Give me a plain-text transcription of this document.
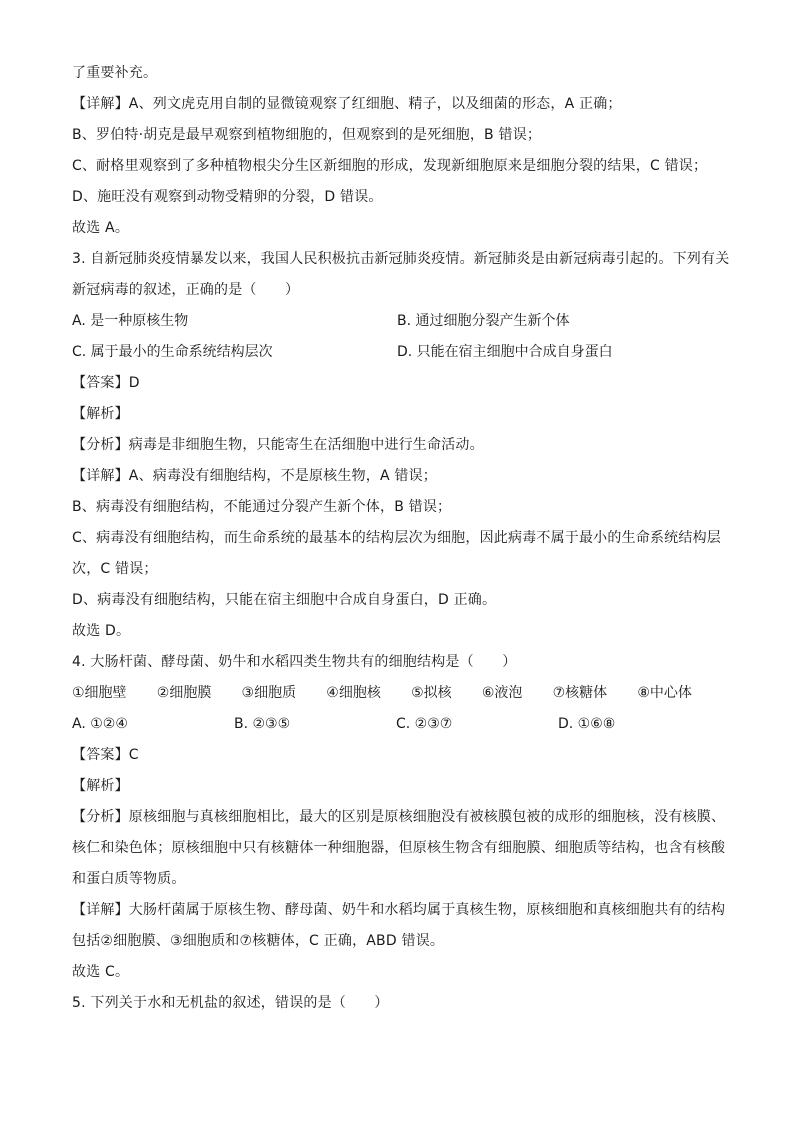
了重要补充。
【详解】A、列文虎克用自制的显微镜观察了红细胞、精子，以及细菌的形态，A 正确；
B、罗伯特·胡克是最早观察到植物细胞的，但观察到的是死细胞，B 错误；
C、耐格里观察到了多种植物根尖分生区新细胞的形成，发现新细胞原来是细胞分裂的结果，C 错误；
D、施旺没有观察到动物受精卵的分裂，D 错误。
故选 A。
3. 自新冠肺炎疫情暴发以来，我国人民积极抗击新冠肺炎疫情。新冠肺炎是由新冠病毒引起的。下列有关
新冠病毒的叙述，正确的是（　　）
A. 是一种原核生物	B. 通过细胞分裂产生新个体
C. 属于最小的生命系统结构层次	D. 只能在宿主细胞中合成自身蛋白
【答案】D
【解析】
【分析】病毒是非细胞生物，只能寄生在活细胞中进行生命活动。
【详解】A、病毒没有细胞结构，不是原核生物，A 错误；
B、病毒没有细胞结构，不能通过分裂产生新个体，B 错误；
C、病毒没有细胞结构，而生命系统的最基本的结构层次为细胞，因此病毒不属于最小的生命系统结构层
次，C 错误；
D、病毒没有细胞结构，只能在宿主细胞中合成自身蛋白，D 正确。
故选 D。
4. 大肠杆菌、酵母菌、奶牛和水稻四类生物共有的细胞结构是（　　）
①细胞壁 ②细胞膜 ③细胞质 ④细胞核 ⑤拟核 ⑥液泡 ⑦核糖体 ⑧中心体
A. ①②④	B. ②③⑤	C. ②③⑦	D. ①⑥⑧
【答案】C
【解析】
【分析】原核细胞与真核细胞相比，最大的区别是原核细胞没有被核膜包被的成形的细胞核，没有核膜、
核仁和染色体；原核细胞中只有核糖体一种细胞器，但原核生物含有细胞膜、细胞质等结构，也含有核酸
和蛋白质等物质。
【详解】大肠杆菌属于原核生物、酵母菌、奶牛和水稻均属于真核生物，原核细胞和真核细胞共有的结构
包括②细胞膜、③细胞质和⑦核糖体，C 正确，ABD 错误。
故选 C。
5. 下列关于水和无机盐的叙述，错误的是（　　）
